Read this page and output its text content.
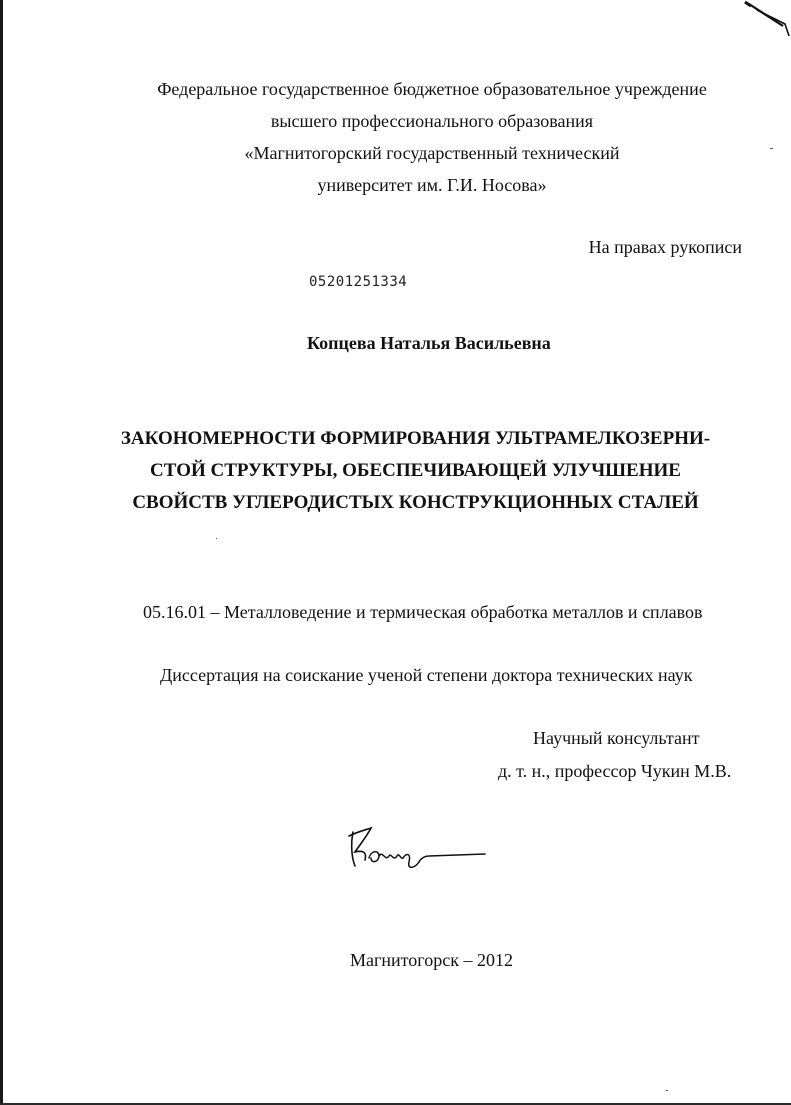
Федеральное государственное бюджетное образовательное учреждение
высшего профессионального образования
«Магнитогорский государственный технический
университет им. Г.И. Носова»
На правах рукописи
05201251334
Копцева Наталья Васильевна
ЗАКОНОМЕРНОСТИ ФОРМИРОВАНИЯ УЛЬТРАМЕЛКОЗЕРНИ-
СТОЙ СТРУКТУРЫ, ОБЕСПЕЧИВАЮЩЕЙ УЛУЧШЕНИЕ
СВОЙСТВ УГЛЕРОДИСТЫХ КОНСТРУКЦИОННЫХ СТАЛЕЙ
05.16.01 – Металловедение и термическая обработка металлов и сплавов
Диссертация на соискание ученой степени доктора технических наук
Научный консультант
д. т. н., профессор Чукин М.В.
Магнитогорск – 2012
